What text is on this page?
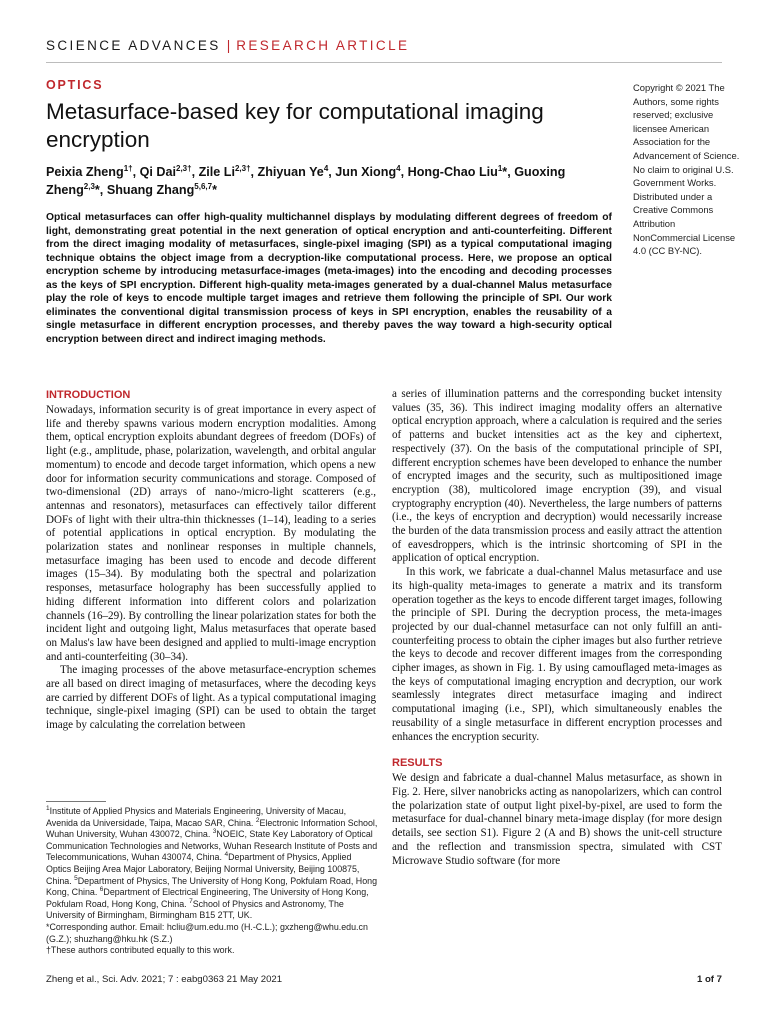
SCIENCE ADVANCES | RESEARCH ARTICLE
OPTICS
Metasurface-based key for computational imaging encryption
Peixia Zheng$^{1\dagger}$, Qi Dai$^{2,3\dagger}$, Zile $Li^{2,3\dagger}$, Zhiyuan Ye$^4$, Jun Xiong$^4$, Hong-Chao Liu$^1$*, Guoxing Zheng$^{2,3}$*, Shuang Zhang$^{5,6,7}$*
Copyright © 2021 The Authors, some rights reserved; exclusive licensee American Association for the Advancement of Science. No claim to original U.S. Government Works. Distributed under a Creative Commons Attribution NonCommercial License 4.0 (CC BY-NC).

Optical metasurfaces can offer high-quality multichannel displays by modulating different degrees of freedom of light, demonstrating great potential in the next generation of optical encryption and anti-counterfeiting. Different from the direct imaging modality of metasurfaces, single-pixel imaging (SPI) as a typical computational imaging technique obtains the object image from a decryption-like computational process. Here, we propose an optical encryption scheme by introducing metasurface-images (meta-images) into the encoding and decoding processes as the keys of SPI encryption. Different high-quality meta-images generated by a dual-channel Malus metasurface play the role of keys to encode multiple target images and retrieve them following the principle of SPI. Our work eliminates the conventional digital transmission process of keys in SPI encryption, enables the reusability of a single metasurface in different encryption processes, and thereby paves the way toward a high-security optical encryption between direct and indirect imaging methods.

INTRODUCTION

Nowadays, information security is of great importance in every aspect of life and thereby spawns various modern encryption modalities. Among them, optical encryption exploits abundant degrees of freedom (DOFs) of light (e.g., amplitude, phase, polarization, wavelength, and orbital angular momentum) to encode and decode target information, which opens a new door for information security communications and storage. Composed of two-dimensional (2D) arrays of nano-/micro-light scatterers (e.g., antennas and resonators), metasurfaces can effectively tailor different DOFs of light with their ultra-thin thicknesses (1–14), leading to a series of potential applications in optical encryption. By modulating the polarization states and nonlinear responses in multiple channels, metasurface imaging has been used to encode and decode different images (15–34). By modulating both the spectral and polarization responses, metasurface holography has been successfully applied to hiding different information into different colors and polarization channels (16–29). By controlling the linear polarization states for both the incident light and outgoing light, Malus metasurfaces that operate based on Malus's law have been designed and applied to multi-image encryption and anti-counterfeiting (30–34).

The imaging processes of the above metasurface-encryption schemes are all based on direct imaging of metasurfaces, where the decoding keys are carried by different DOFs of light. As a typical computational imaging technique, single-pixel imaging (SPI) can be used to obtain the target image by calculating the correlation between

a series of illumination patterns and the corresponding bucket intensity values (35, 36). This indirect imaging modality offers an alternative optical encryption approach, where a calculation is required and the series of patterns and bucket intensities act as the key and ciphertext, respectively (37). On the basis of the computational principle of SPI, different encryption schemes have been developed to enhance the number of encrypted images and the security, such as multipositioned image encryption (38), multicolored image encryption (39), and visual cryptography encryption (40). Nevertheless, the large numbers of patterns (i.e., the keys of encryption and decryption) would necessarily increase the burden of the data transmission process and easily attract the attention of eavesdroppers, which is the intrinsic shortcoming of SPI in the application of optical encryption.

In this work, we fabricate a dual-channel Malus metasurface and use its high-quality meta-images to generate a matrix and its transform operation together as the keys to encode different target images, following the principle of SPI. During the decryption process, the meta-images projected by our dual-channel metasurface can not only fulfill an anti-counterfeiting process to obtain the cipher images but also further retrieve the keys to decode and recover different images from the corresponding cipher images, as shown in Fig. 1. By using camouflaged meta-images as the keys of computational imaging encryption and decryption, our work seamlessly integrates direct metasurface imaging and indirect computational imaging (i.e., SPI), which simultaneously enables the reusability of a single metasurface in different encryption processes and enhances the encryption security.

RESULTS

We design and fabricate a dual-channel Malus metasurface, as shown in Fig. 2. Here, silver nanobricks acting as nanopolarizers, which can control the polarization state of output light pixel-by-pixel, are used to form the metasurface for dual-channel binary meta-image display (for more design details, see section S1). Figure 2 (A and B) shows the unit-cell structure and the reflection and transmission spectra, simulated with CST Microwave Studio software (for more

$^1$Institute of Applied Physics and Materials Engineering, University of Macau, Avenida da Universidade, Taipa, Macao SAR, China. $^2$Electronic Information School, Wuhan University, Wuhan 430072, China. $^3$NOEIC, State Key Laboratory of Optical Communication Technologies and Networks, Wuhan Research Institute of Posts and Telecommunications, Wuhan 430074, China. $^4$Department of Physics, Applied Optics Beijing Area Major Laboratory, Beijing Normal University, Beijing 100875, China. $^5$Department of Physics, The University of Hong Kong, Pokfulam Road, Hong Kong, China. $^6$Department of Electrical Engineering, The University of Hong Kong, Pokfulam Road, Hong Kong, China. $^7$School of Physics and Astronomy, The University of Birmingham, Birmingham B15 2TT, UK.

*Corresponding author. Email: hcliu@um.edu.mo (H.-C.L.); gxzheng@whu.edu.cn (G.Z.); shuzhang@hku.hk (S.Z.)

†These authors contributed equally to this work.

Zheng et al., Sci. Adv. 2021; 7 : eabg0363 21 May 2021	1 of 7
